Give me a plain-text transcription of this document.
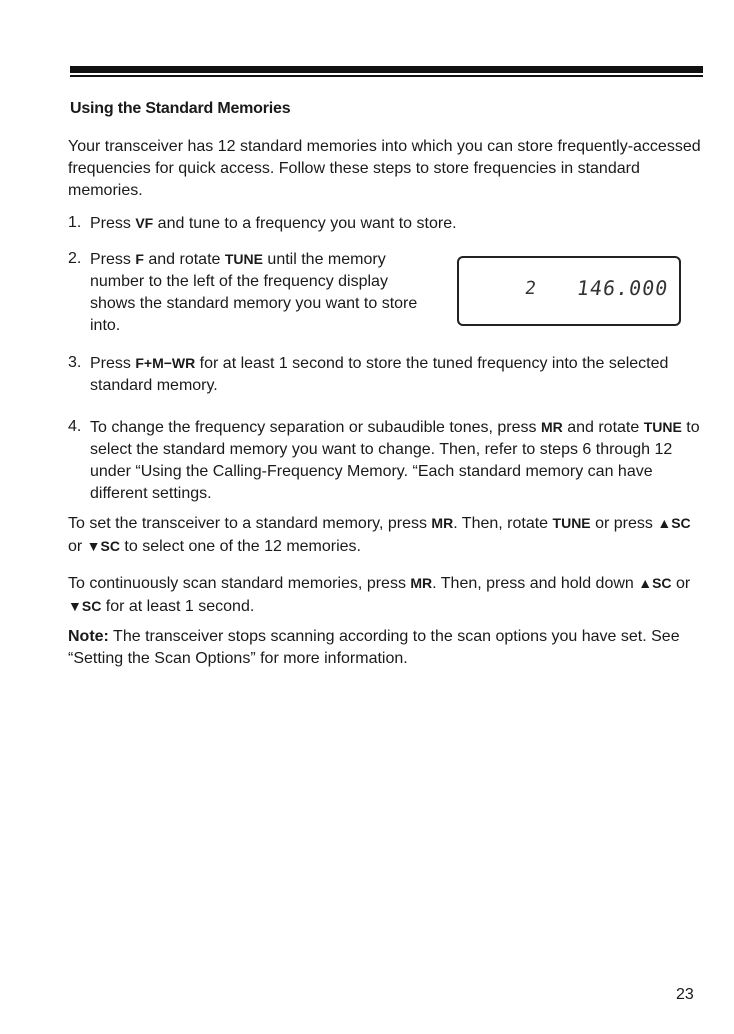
Using the Standard Memories
Your transceiver has 12 standard memories into which you can store frequently-accessed frequencies for quick access. Follow these steps to store frequencies in standard memories.
1. Press VF and tune to a frequency you want to store.
2. Press F and rotate TUNE until the memory number to the left of the frequency display shows the standard memory you want to store into.
2 146.000
3. Press F+M−WR for at least 1 second to store the tuned frequency into the selected standard memory.
4. To change the frequency separation or subaudible tones, press MR and rotate TUNE to select the standard memory you want to change. Then, refer to steps 6 through 12 under “Using the Calling-Frequency Memory. “Each standard memory can have different settings.
To set the transceiver to a standard memory, press MR. Then, rotate TUNE or press ▲SC or ▼SC to select one of the 12 memories.
To continuously scan standard memories, press MR. Then, press and hold down ▲SC or ▼SC for at least 1 second.
Note: The transceiver stops scanning according to the scan options you have set. See “Setting the Scan Options” for more information.
23
